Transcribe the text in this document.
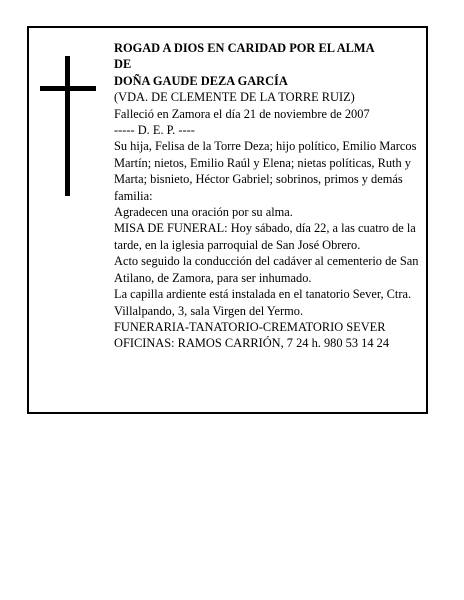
ROGAD A DIOS EN CARIDAD POR EL ALMA
DE
DOÑA GAUDE DEZA GARCÍA
(VDA. DE CLEMENTE DE LA TORRE RUIZ)
Falleció en Zamora el día 21 de noviembre de 2007
----- D. E. P. ----
Su hija, Felisa de la Torre Deza; hijo político, Emilio Marcos Martín; nietos, Emilio Raúl y Elena; nietas políticas, Ruth y Marta; bisnieto, Héctor Gabriel; sobrinos, primos y demás familia:
Agradecen una oración por su alma.
MISA DE FUNERAL: Hoy sábado, día 22, a las cuatro de la tarde, en la iglesia parroquial de San José Obrero.
Acto seguido la conducción del cadáver al cementerio de San Atilano, de Zamora, para ser inhumado.
La capilla ardiente está instalada en el tanatorio Sever, Ctra. Villalpando, 3, sala Virgen del Yermo.
FUNERARIA-TANATORIO-CREMATORIO SEVER
OFICINAS: RAMOS CARRIÓN, 7 24 h. 980 53 14 24
